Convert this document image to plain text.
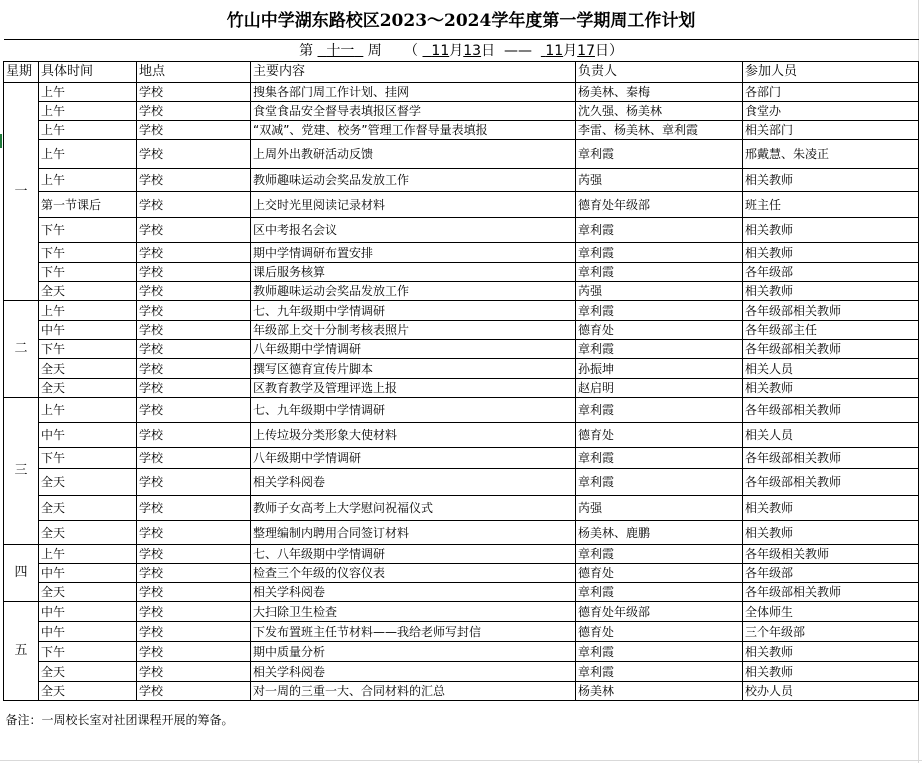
竹山中学湖东路校区2023～2024学年度第一学期周工作计划					
第 十一 周 （ 11月13日 —— 11月17日）					
星期	具体时间	地点	主要内容	负责人	参加人员
一	上午	学校	搜集各部门周工作计划、挂网	杨美林、秦梅	各部门
	上午	学校	食堂食品安全督导表填报区督学	沈久强、杨美林	食堂办
	上午	学校	“双减”、党建、校务”管理工作督导量表填报	李雷、杨美林、章利霞	相关部门
	上午	学校	上周外出教研活动反馈	章利霞	邢戴慧、朱凌正
	上午	学校	教师趣味运动会奖品发放工作	芮强	相关教师
	第一节课后	学校	上交时光里阅读记录材料	德育处年级部	班主任
	下午	学校	区中考报名会议	章利霞	相关教师
	下午	学校	期中学情调研布置安排	章利霞	相关教师
	下午	学校	课后服务核算	章利霞	各年级部
	全天	学校	教师趣味运动会奖品发放工作	芮强	相关教师
二	上午	学校	七、九年级期中学情调研	章利霞	各年级部相关教师
	中午	学校	年级部上交十分制考核表照片	德育处	各年级部主任
	下午	学校	八年级期中学情调研	章利霞	各年级部相关教师
	全天	学校	撰写区德育宣传片脚本	孙振坤	相关人员
	全天	学校	区教育教学及管理评选上报	赵启明	相关教师
三	上午	学校	七、九年级期中学情调研	章利霞	各年级部相关教师
	中午	学校	上传垃圾分类形象大使材料	德育处	相关人员
	下午	学校	八年级期中学情调研	章利霞	各年级部相关教师
	全天	学校	相关学科阅卷	章利霞	各年级部相关教师
	全天	学校	教师子女高考上大学慰问祝福仪式	芮强	相关教师
	全天	学校	整理编制内聘用合同签订材料	杨美林、鹿鹏	相关教师
四	上午	学校	七、八年级期中学情调研	章利霞	各年级相关教师
	中午	学校	检查三个年级的仪容仪表	德育处	各年级部
	全天	学校	相关学科阅卷	章利霞	各年级部相关教师
五	中午	学校	大扫除卫生检查	德育处年级部	全体师生
	中午	学校	下发布置班主任节材料——我给老师写封信	德育处	三个年级部
	下午	学校	期中质量分析	章利霞	相关教师
	全天	学校	相关学科阅卷	章利霞	相关教师
	全天	学校	对一周的三重一大、合同材料的汇总	杨美林	校办人员
备注：一周校长室对社团课程开展的筹备。					
